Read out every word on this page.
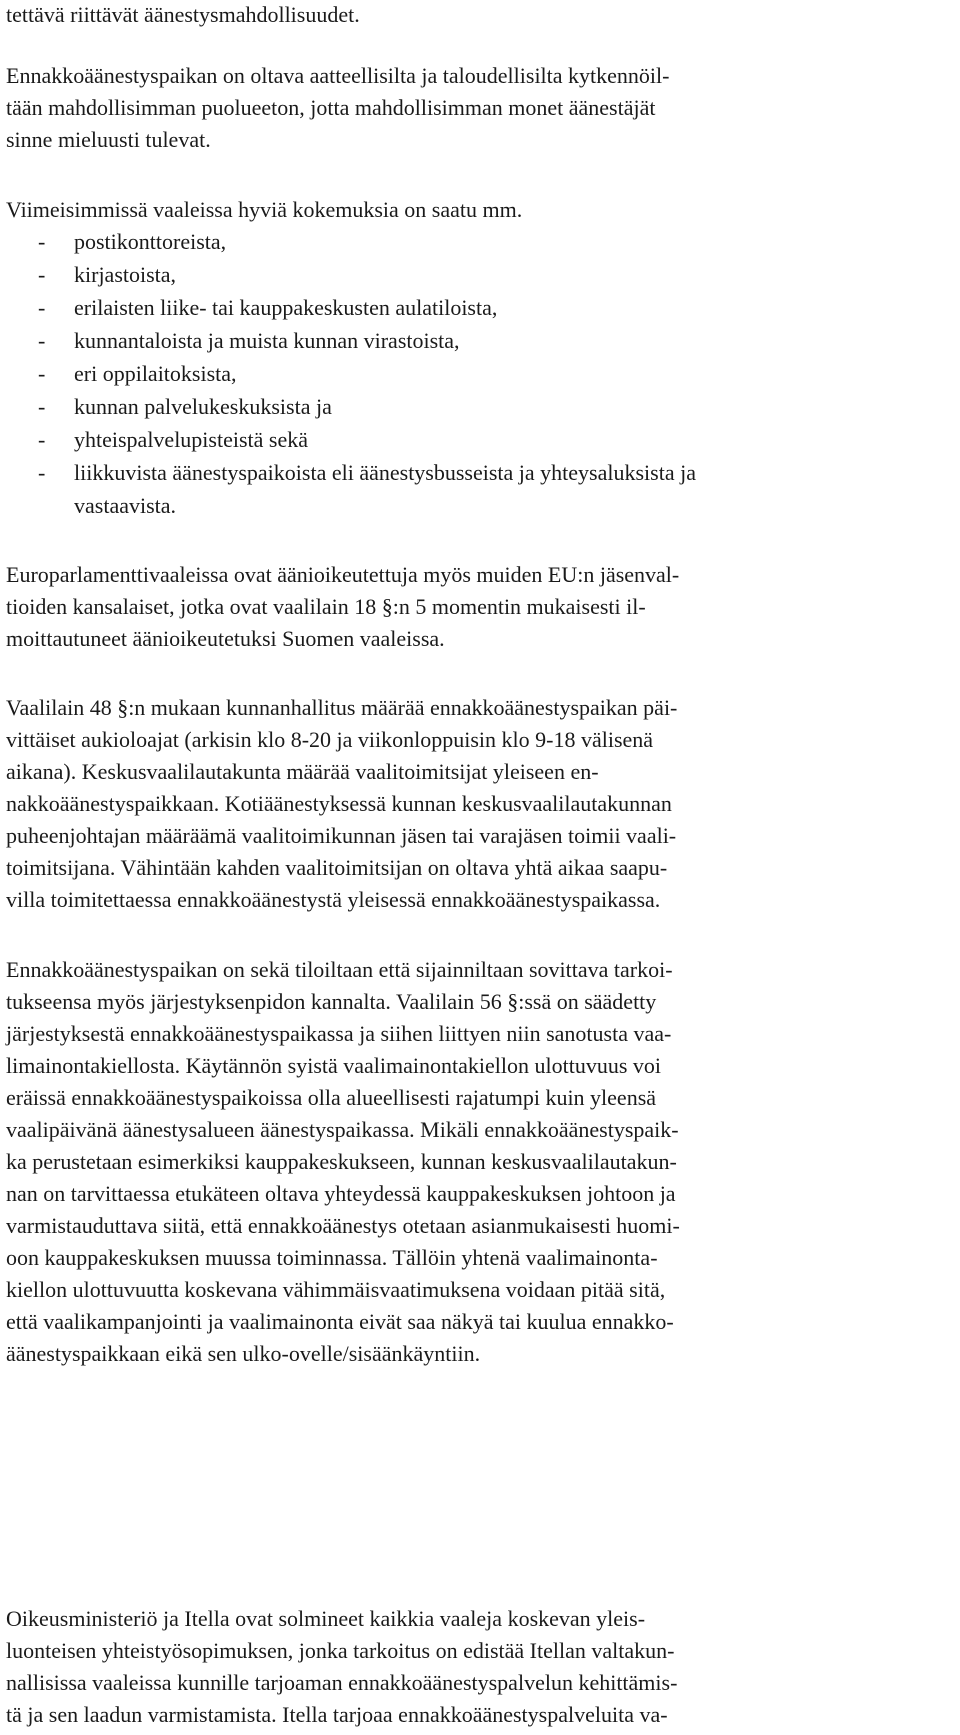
tettävä riittävät äänestysmahdollisuudet.
Ennakkoäänestyspaikan on oltava aatteellisilta ja taloudellisilta kytkennöil-
tään mahdollisimman puolueeton, jotta mahdollisimman monet äänestäjät
sinne mieluusti tulevat.
Viimeisimmissä vaaleissa hyviä kokemuksia on saatu mm.
- postikonttoreista,
- kirjastoista,
- erilaisten liike- tai kauppakeskusten aulatiloista,
- kunnantaloista ja muista kunnan virastoista,
- eri oppilaitoksista,
- kunnan palvelukeskuksista ja
- yhteispalvelupisteistä sekä
- liikkuvista äänestyspaikoista eli äänestysbusseista ja yhteysaluksista ja
vastaavista.
Europarlamenttivaaleissa ovat äänioikeutettuja myös muiden EU:n jäsenval-
tioiden kansalaiset, jotka ovat vaalilain 18 §:n 5 momentin mukaisesti il-
moittautuneet äänioikeutetuksi Suomen vaaleissa.
Vaalilain 48 §:n mukaan kunnanhallitus määrää ennakkoäänestyspaikan päi-
vittäiset aukioloajat (arkisin klo 8-20 ja viikonloppuisin klo 9-18 välisenä
aikana). Keskusvaalilautakunta määrää vaalitoimitsijat yleiseen en-
nakkoäänestyspaikkaan. Kotiäänestyksessä kunnan keskusvaalilautakunnan
puheenjohtajan määräämä vaalitoimikunnan jäsen tai varajäsen toimii vaali-
toimitsijana. Vähintään kahden vaalitoimitsijan on oltava yhtä aikaa saapu-
villa toimitettaessa ennakkoäänestystä yleisessä ennakkoäänestyspaikassa.
Ennakkoäänestyspaikan on sekä tiloiltaan että sijainniltaan sovittava tarkoi-
tukseensa myös järjestyksenpidon kannalta. Vaalilain 56 §:ssä on säädetty
järjestyksestä ennakkoäänestyspaikassa ja siihen liittyen niin sanotusta vaa-
limainontakiellosta. Käytännön syistä vaalimainontakiellon ulottuvuus voi
eräissä ennakkoäänestyspaikoissa olla alueellisesti rajatumpi kuin yleensä
vaalipäivänä äänestysalueen äänestyspaikassa. Mikäli ennakkoäänestyspaik-
ka perustetaan esimerkiksi kauppakeskukseen, kunnan keskusvaalilautakun-
nan on tarvittaessa etukäteen oltava yhteydessä kauppakeskuksen johtoon ja
varmistauduttava siitä, että ennakkoäänestys otetaan asianmukaisesti huomi-
oon kauppakeskuksen muussa toiminnassa. Tällöin yhtenä vaalimainonta-
kiellon ulottuvuutta koskevana vähimmäisvaatimuksena voidaan pitää sitä,
että vaalikampanjointi ja vaalimainonta eivät saa näkyä tai kuulua ennakko-
äänestyspaikkaan eikä sen ulko-ovelle/sisäänkäyntiin.
Oikeusministeriö ja Itella ovat solmineet kaikkia vaaleja koskevan yleis-
luonteisen yhteistyösopimuksen, jonka tarkoitus on edistää Itellan valtakun-
nallisissa vaaleissa kunnille tarjoaman ennakkoäänestyspalvelun kehittämis-
tä ja sen laadun varmistamista. Itella tarjoaa ennakkoäänestyspalveluita va-
